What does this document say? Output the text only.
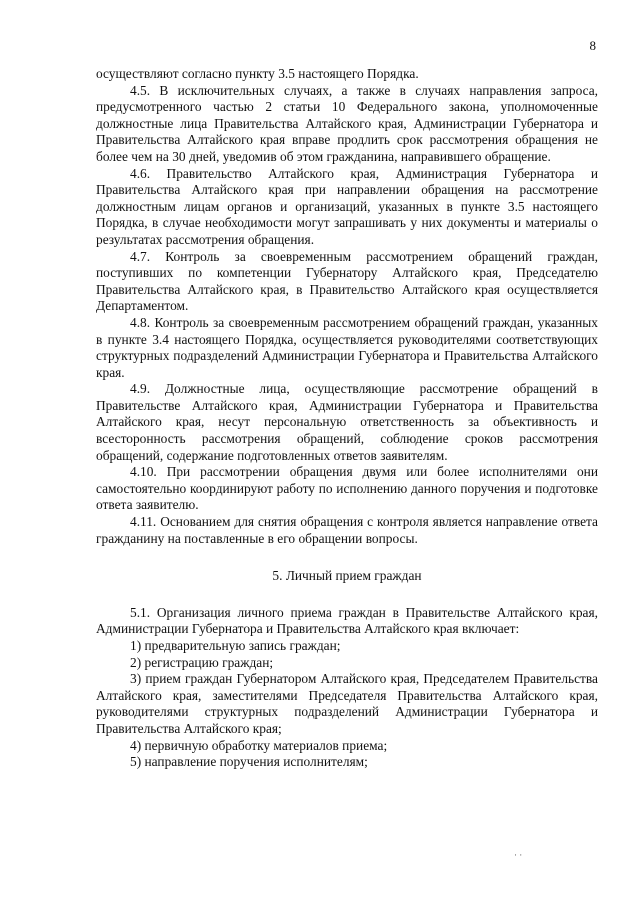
8

осуществляют согласно пункту 3.5 настоящего Порядка.

4.5. В исключительных случаях, а также в случаях направления запроса, предусмотренного частью 2 статьи 10 Федерального закона, уполномоченные должностные лица Правительства Алтайского края, Администрации Губернатора и Правительства Алтайского края вправе продлить срок рассмотрения обращения не более чем на 30 дней, уведомив об этом гражданина, направившего обращение.

4.6. Правительство Алтайского края, Администрация Губернатора и Правительства Алтайского края при направлении обращения на рассмотрение должностным лицам органов и организаций, указанных в пункте 3.5 настоящего Порядка, в случае необходимости могут запрашивать у них документы и материалы о результатах рассмотрения обращения.

4.7. Контроль за своевременным рассмотрением обращений граждан, поступивших по компетенции Губернатору Алтайского края, Председателю Правительства Алтайского края, в Правительство Алтайского края осуществляется Департаментом.

4.8. Контроль за своевременным рассмотрением обращений граждан, указанных в пункте 3.4 настоящего Порядка, осуществляется руководителями соответствующих структурных подразделений Администрации Губернатора и Правительства Алтайского края.

4.9. Должностные лица, осуществляющие рассмотрение обращений в Правительстве Алтайского края, Администрации Губернатора и Правительства Алтайского края, несут персональную ответственность за объективность и всесторонность рассмотрения обращений, соблюдение сроков рассмотрения обращений, содержание подготовленных ответов заявителям.

4.10. При рассмотрении обращения двумя или более исполнителями они самостоятельно координируют работу по исполнению данного поручения и подготовке ответа заявителю.

4.11. Основанием для снятия обращения с контроля является направление ответа гражданину на поставленные в его обращении вопросы.

5. Личный прием граждан

5.1. Организация личного приема граждан в Правительстве Алтайского края, Администрации Губернатора и Правительства Алтайского края включает:

1) предварительную запись граждан;

2) регистрацию граждан;

3) прием граждан Губернатором Алтайского края, Председателем Правительства Алтайского края, заместителями Председателя Правительства Алтайского края, руководителями структурных подразделений Администрации Губернатора и Правительства Алтайского края;

4) первичную обработку материалов приема;

5) направление поручения исполнителям;

· ·
